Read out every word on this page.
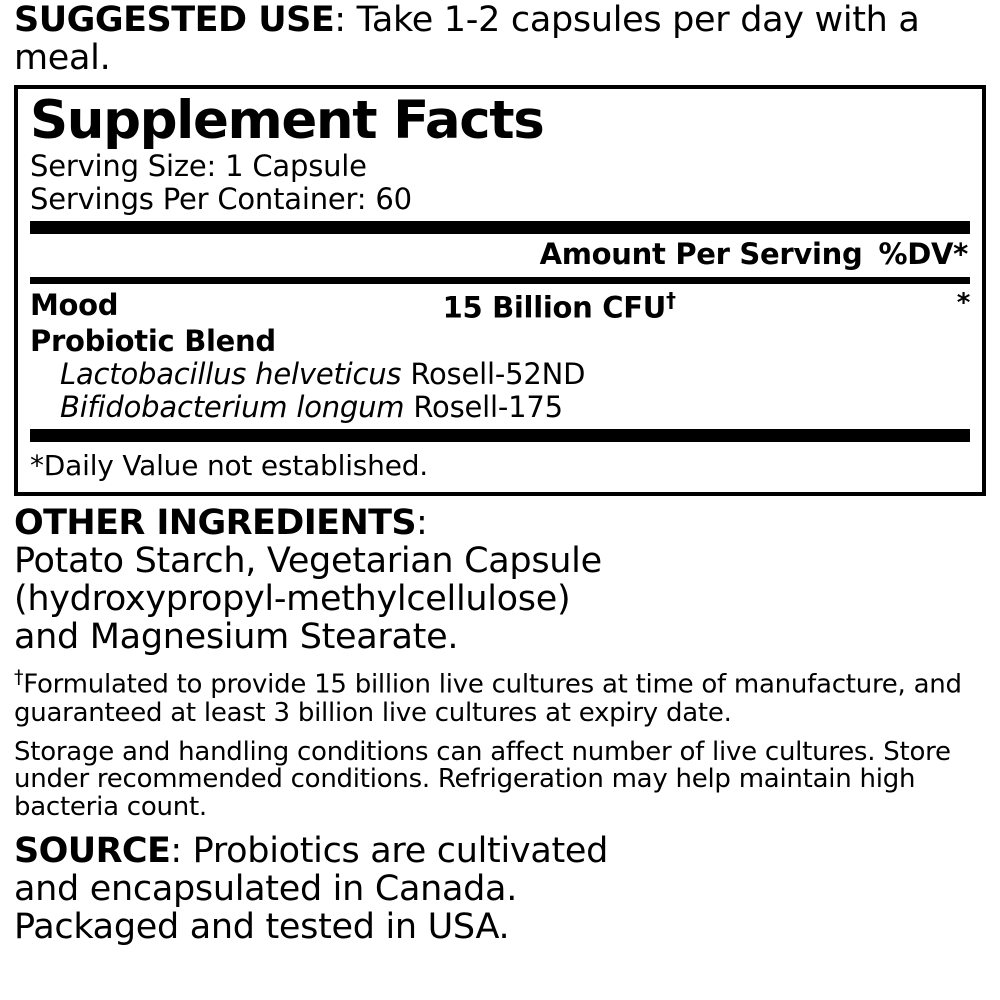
SUGGESTED USE: Take 1-2 capsules per day with a meal.
Supplement Facts
Serving Size: 1 Capsule
Servings Per Container: 60
Amount Per Serving %DV*
Mood	15 Billion CFU†	*
Probiotic Blend
Lactobacillus helveticus Rosell-52ND
Bifidobacterium longum Rosell-175
*Daily Value not established.
OTHER INGREDIENTS:
Potato Starch, Vegetarian Capsule
(hydroxypropyl-methylcellulose)
and Magnesium Stearate.
†Formulated to provide 15 billion live cultures at time of manufacture, and guaranteed at least 3 billion live cultures at expiry date.
Storage and handling conditions can affect number of live cultures. Store under recommended conditions. Refrigeration may help maintain high bacteria count.
SOURCE: Probiotics are cultivated
and encapsulated in Canada.
Packaged and tested in USA.
